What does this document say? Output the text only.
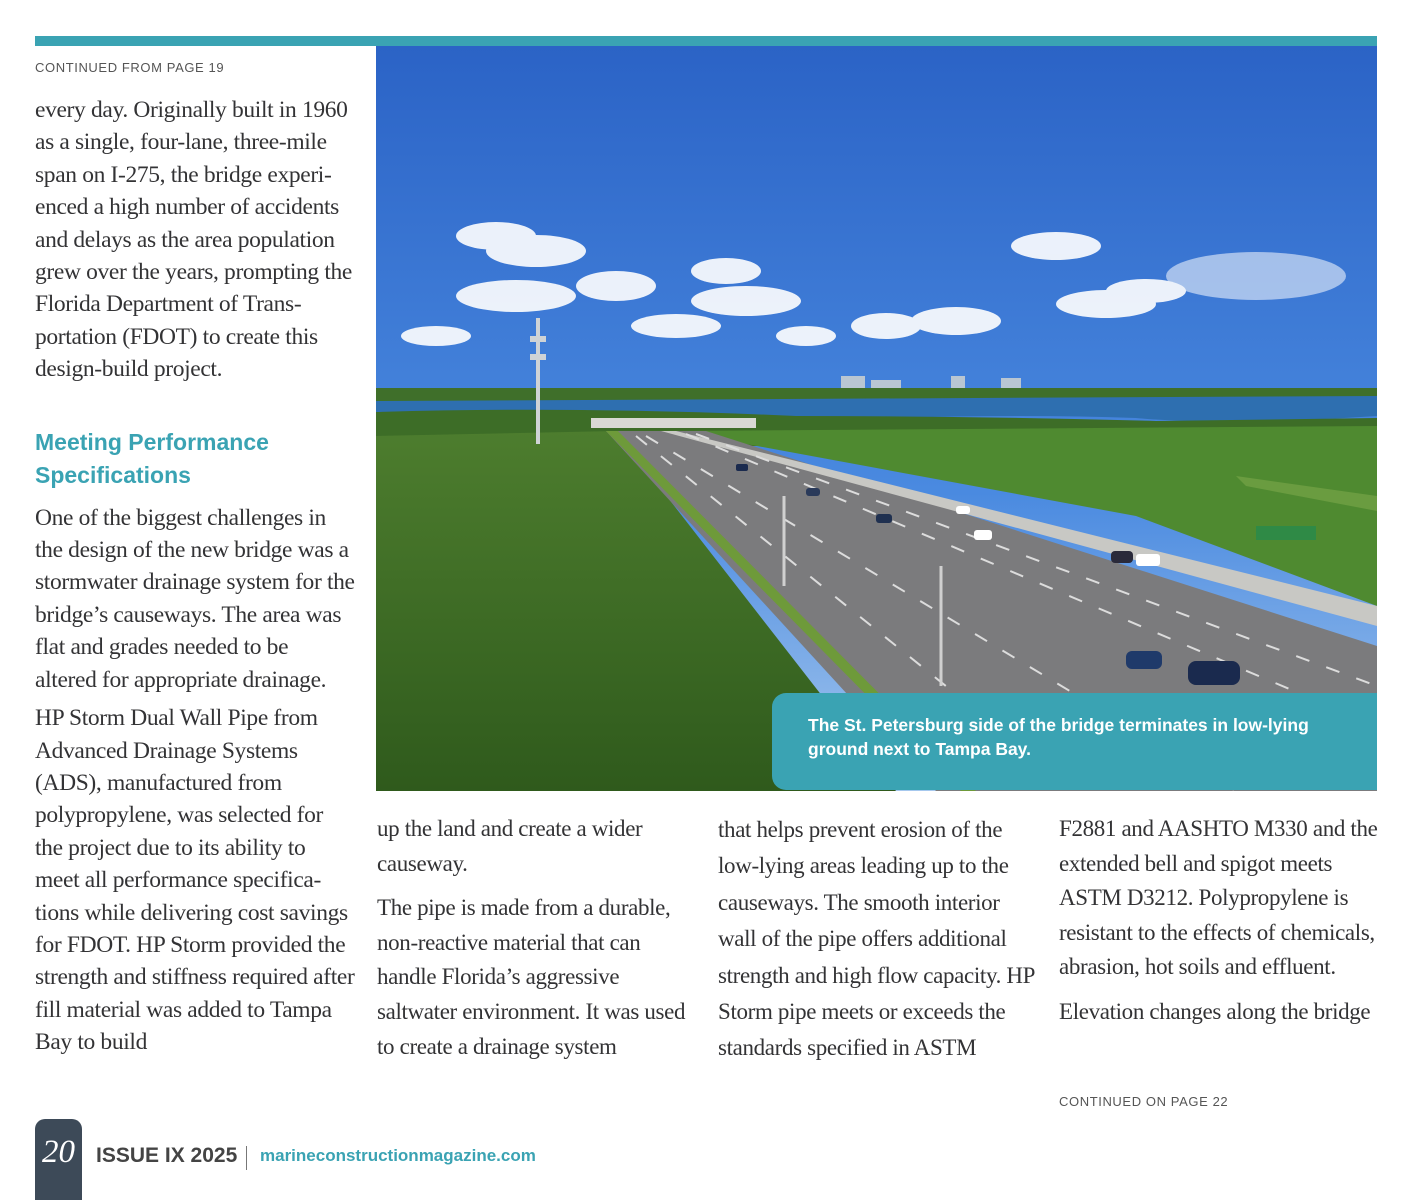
CONTINUED FROM PAGE 19

every day. Originally built in 1960 as a single, four-lane, three-mile span on I-275, the bridge experienced a high number of accidents and delays as the area population grew over the years, prompting the Florida Department of Transportation (FDOT) to create this design-build project.

Meeting Performance Specifications

One of the biggest challenges in the design of the new bridge was a stormwater drainage system for the bridge’s causeways. The area was flat and grades needed to be altered for appropriate drainage.

HP Storm Dual Wall Pipe from Advanced Drainage Systems (ADS), manufactured from polypropylene, was selected for the project due to its ability to meet all performance specifications while delivering cost savings for FDOT. HP Storm provided the strength and stiffness required after fill material was added to Tampa Bay to build

The St. Petersburg side of the bridge terminates in low-lying ground next to Tampa Bay.

up the land and create a wider causeway.

The pipe is made from a durable, non-reactive material that can handle Florida’s aggressive saltwater environment. It was used to create a drainage system

that helps prevent erosion of the low-lying areas leading up to the causeways. The smooth interior wall of the pipe offers additional strength and high flow capacity. HP Storm pipe meets or exceeds the standards specified in ASTM

F2881 and AASHTO M330 and the extended bell and spigot meets ASTM D3212. Polypropylene is resistant to the effects of chemicals, abrasion, hot soils and effluent.

Elevation changes along the bridge

CONTINUED ON PAGE 22
20	ISSUE IX 2025 marineconstructionmagazine.com
